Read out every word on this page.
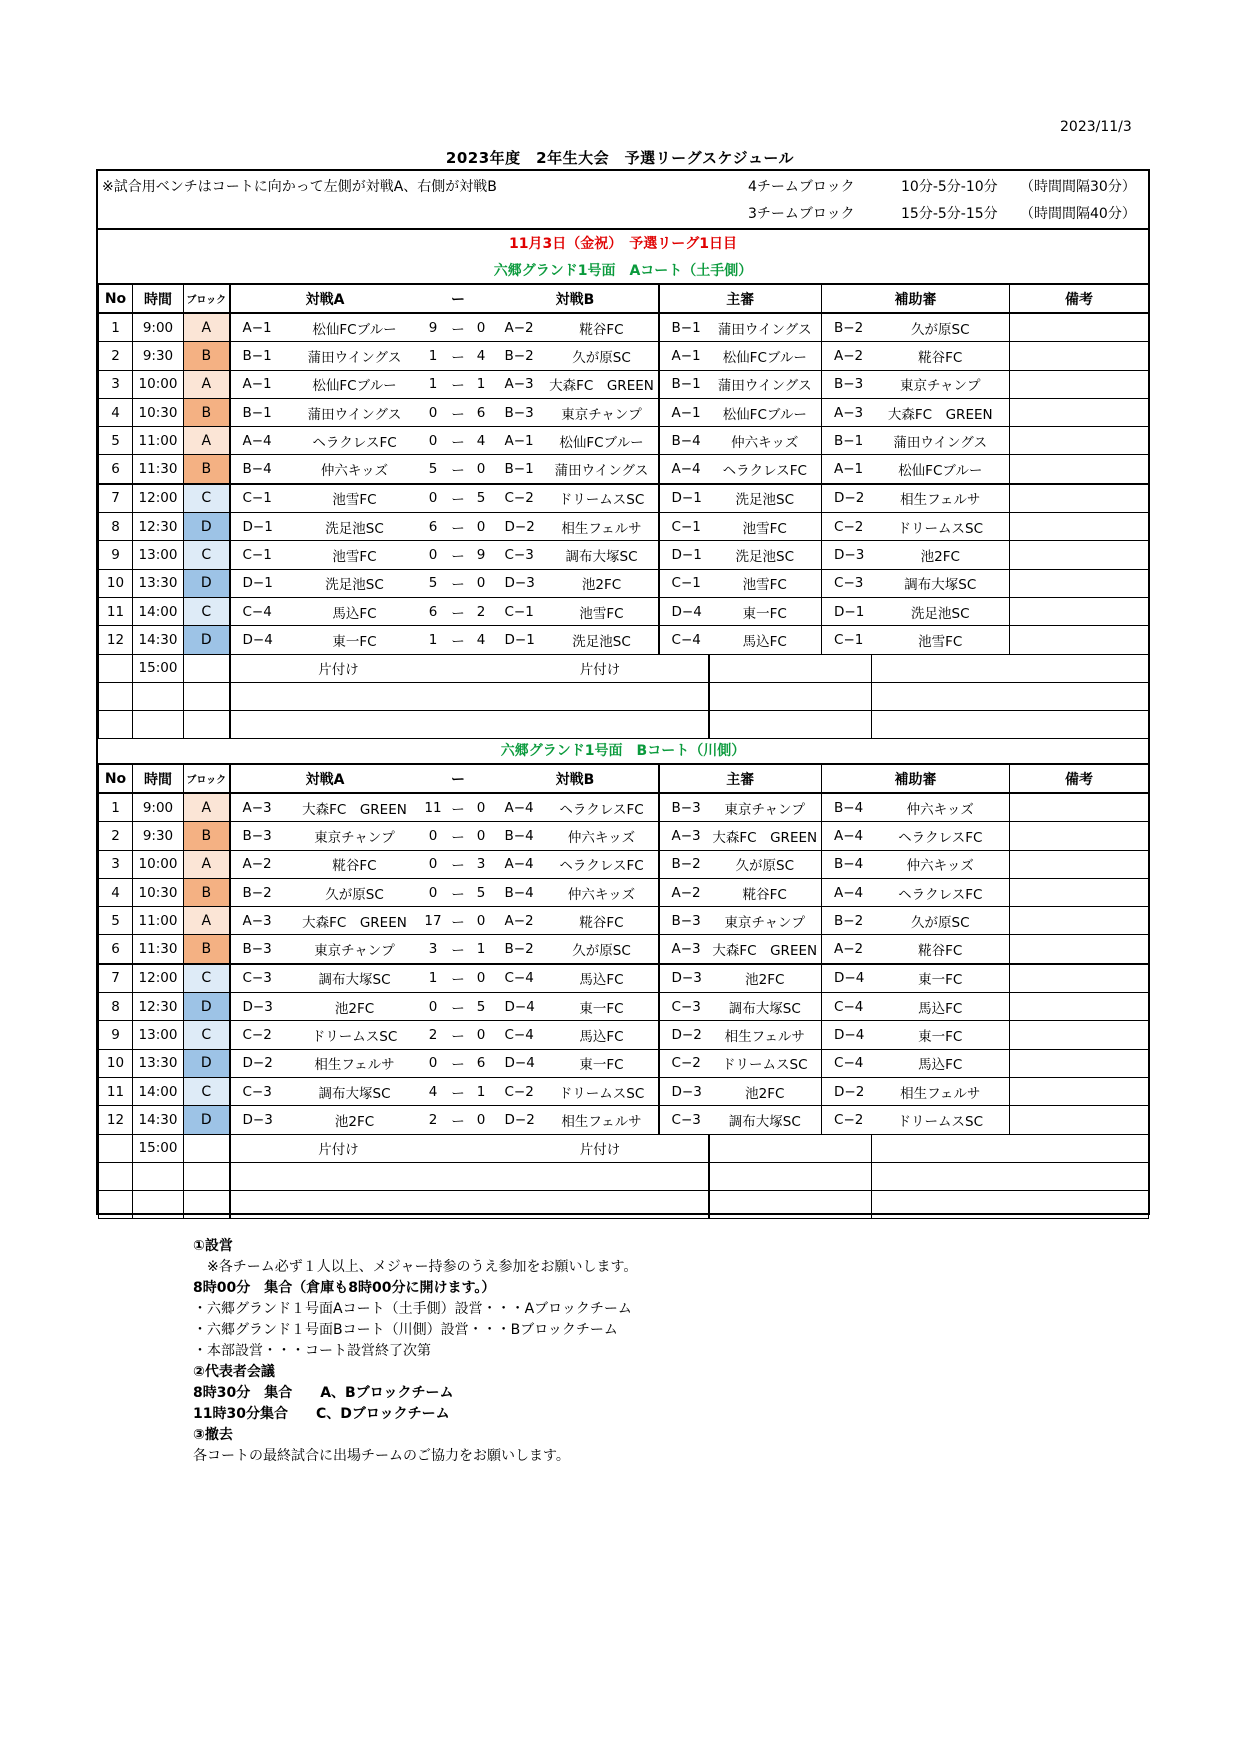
2023/11/3
2023年度　2年生大会　予選リーグスケジュール
※試合用ベンチはコートに向かって左側が対戦A、右側が対戦B	4チームブロック	10分-5分-10分 （時間間隔30分）
3チームブロック	15分-5分-15分 （時間間隔40分）
11月3日（金祝）　予選リーグ1日目
六郷グランド1号面　Aコート（土手側）
No	時間	ブロック	対戦A			ー		対戦B		主審		補助審		備考	
1	9:00	A	A−1	松仙FCブルー	9	ー	0	A−2	糀谷FC	B−1	蒲田ウイングス	B−2	久が原SC		
2	9:30	B	B−1	蒲田ウイングス	1	ー	4	B−2	久が原SC	A−1	松仙FCブルー	A−2	糀谷FC		
3	10:00	A	A−1	松仙FCブルー	1	ー	1	A−3	大森FC　GREEN	B−1	蒲田ウイングス	B−3	東京チャンプ		
4	10:30	B	B−1	蒲田ウイングス	0	ー	6	B−3	東京チャンプ	A−1	松仙FCブルー	A−3	大森FC　GREEN		
5	11:00	A	A−4	ヘラクレスFC	0	ー	4	A−1	松仙FCブルー	B−4	仲六キッズ	B−1	蒲田ウイングス		
6	11:30	B	B−4	仲六キッズ	5	ー	0	B−1	蒲田ウイングス	A−4	ヘラクレスFC	A−1	松仙FCブルー		
7	12:00	C	C−1	池雪FC	0	ー	5	C−2	ドリームスSC	D−1	洗足池SC	D−2	相生フェルサ		
8	12:30	D	D−1	洗足池SC	6	ー	0	D−2	相生フェルサ	C−1	池雪FC	C−2	ドリームスSC		
9	13:00	C	C−1	池雪FC	0	ー	9	C−3	調布大塚SC	D−1	洗足池SC	D−3	池2FC		
10	13:30	D	D−1	洗足池SC	5	ー	0	D−3	池2FC	C−1	池雪FC	C−3	調布大塚SC		
11	14:00	C	C−4	馬込FC	6	ー	2	C−1	池雪FC	D−4	東一FC	D−1	洗足池SC		
12	14:30	D	D−4	東一FC	1	ー	4	D−1	洗足池SC	C−4	馬込FC	C−1	池雪FC		
	15:00		片付け					片付け							

六郷グランド1号面　Bコート（川側）
No	時間	ブロック	対戦A			ー		対戦B		主審		補助審		備考	
1	9:00	A	A−3	大森FC　GREEN	11	ー	0	A−4	ヘラクレスFC	B−3	東京チャンプ	B−4	仲六キッズ		
2	9:30	B	B−3	東京チャンプ	0	ー	0	B−4	仲六キッズ	A−3	大森FC　GREEN	A−4	ヘラクレスFC		
3	10:00	A	A−2	糀谷FC	0	ー	3	A−4	ヘラクレスFC	B−2	久が原SC	B−4	仲六キッズ		
4	10:30	B	B−2	久が原SC	0	ー	5	B−4	仲六キッズ	A−2	糀谷FC	A−4	ヘラクレスFC		
5	11:00	A	A−3	大森FC　GREEN	17	ー	0	A−2	糀谷FC	B−3	東京チャンプ	B−2	久が原SC		
6	11:30	B	B−3	東京チャンプ	3	ー	1	B−2	久が原SC	A−3	大森FC　GREEN	A−2	糀谷FC		
7	12:00	C	C−3	調布大塚SC	1	ー	0	C−4	馬込FC	D−3	池2FC	D−4	東一FC		
8	12:30	D	D−3	池2FC	0	ー	5	D−4	東一FC	C−3	調布大塚SC	C−4	馬込FC		
9	13:00	C	C−2	ドリームスSC	2	ー	0	C−4	馬込FC	D−2	相生フェルサ	D−4	東一FC		
10	13:30	D	D−2	相生フェルサ	0	ー	6	D−4	東一FC	C−2	ドリームスSC	C−4	馬込FC		
11	14:00	C	C−3	調布大塚SC	4	ー	1	C−2	ドリームスSC	D−3	池2FC	D−2	相生フェルサ		
12	14:30	D	D−3	池2FC	2	ー	0	D−2	相生フェルサ	C−3	調布大塚SC	C−2	ドリームスSC		
	15:00		片付け					片付け							

①設営
　※各チーム必ず１人以上、メジャー持参のうえ参加をお願いします。
8時00分　集合（倉庫も8時00分に開けます。）
・六郷グランド１号面Aコート（土手側）設営・・・Aブロックチーム
・六郷グランド１号面Bコート（川側）設営・・・Bブロックチーム
・本部設営・・・コート設営終了次第
②代表者会議
8時30分　集合　　A、Bブロックチーム
11時30分集合　　C、Dブロックチーム
③撤去
各コートの最終試合に出場チームのご協力をお願いします。
